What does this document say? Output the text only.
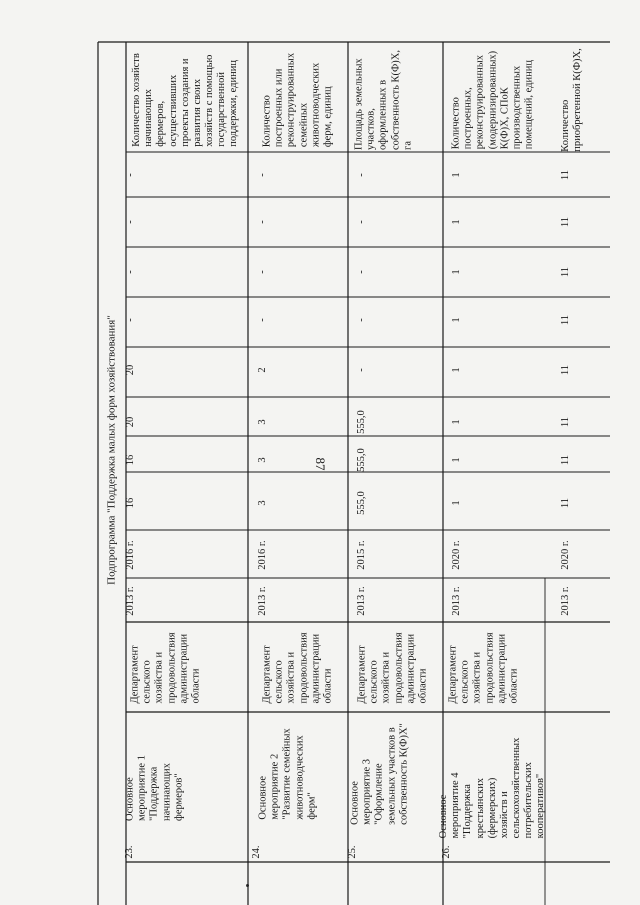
87
Подпрограмма "Поддержка малых форм хозяйствования"
23.
Основное
мероприятие 1
"Поддержка
начинающих
фермеров"
Департамент
сельского
хозяйства и
продовольствия
администрации
области
2013 г.
2016 г.
16
16
20
20
-
-
-
-
Количество хозяйств
начинающих
фермеров,
осуществивших
проекты создания и
развития своих
хозяйств с помощью
государственной
поддержки, единиц
24.
Основное
мероприятие 2
"Развитие семейных
животноводческих
ферм"
Департамент
сельского
хозяйства и
продовольствия
администрации
области
2013 г.
2016 г.
3
3
3
2
-
-
-
-
Количество
построенных или
реконструированных
семейных
животноводческих
ферм, единиц
25.
Основное
мероприятие 3
"Оформление
земельных участков в
собственность К(Ф)Х"
Департамент
сельского
хозяйства и
продовольствия
администрации
области
2013 г.
2015 г.
555,0
555,0
555,0
-
-
-
-
-
Площадь земельных
участков,
оформленных в
собственность К(Ф)Х,
га
26.
Основное
мероприятие 4
"Поддержка
крестьянских
(фермерских)
хозяйств и
сельскохозяйственных
потребительских
кооперативов"
Департамент
сельского
хозяйства и
продовольствия
администрации
области
2013 г.
2020 г.
1
1
1
1
1
1
1
1
Количество
построенных,
реконструированных
(модернизированных)
К(Ф)Х, СПоК
производственных
помещений, единиц
2013 г.
2020 г.
11
11
11
11
11
11
11
11
Количество
приобретенной К(Ф)Х,
